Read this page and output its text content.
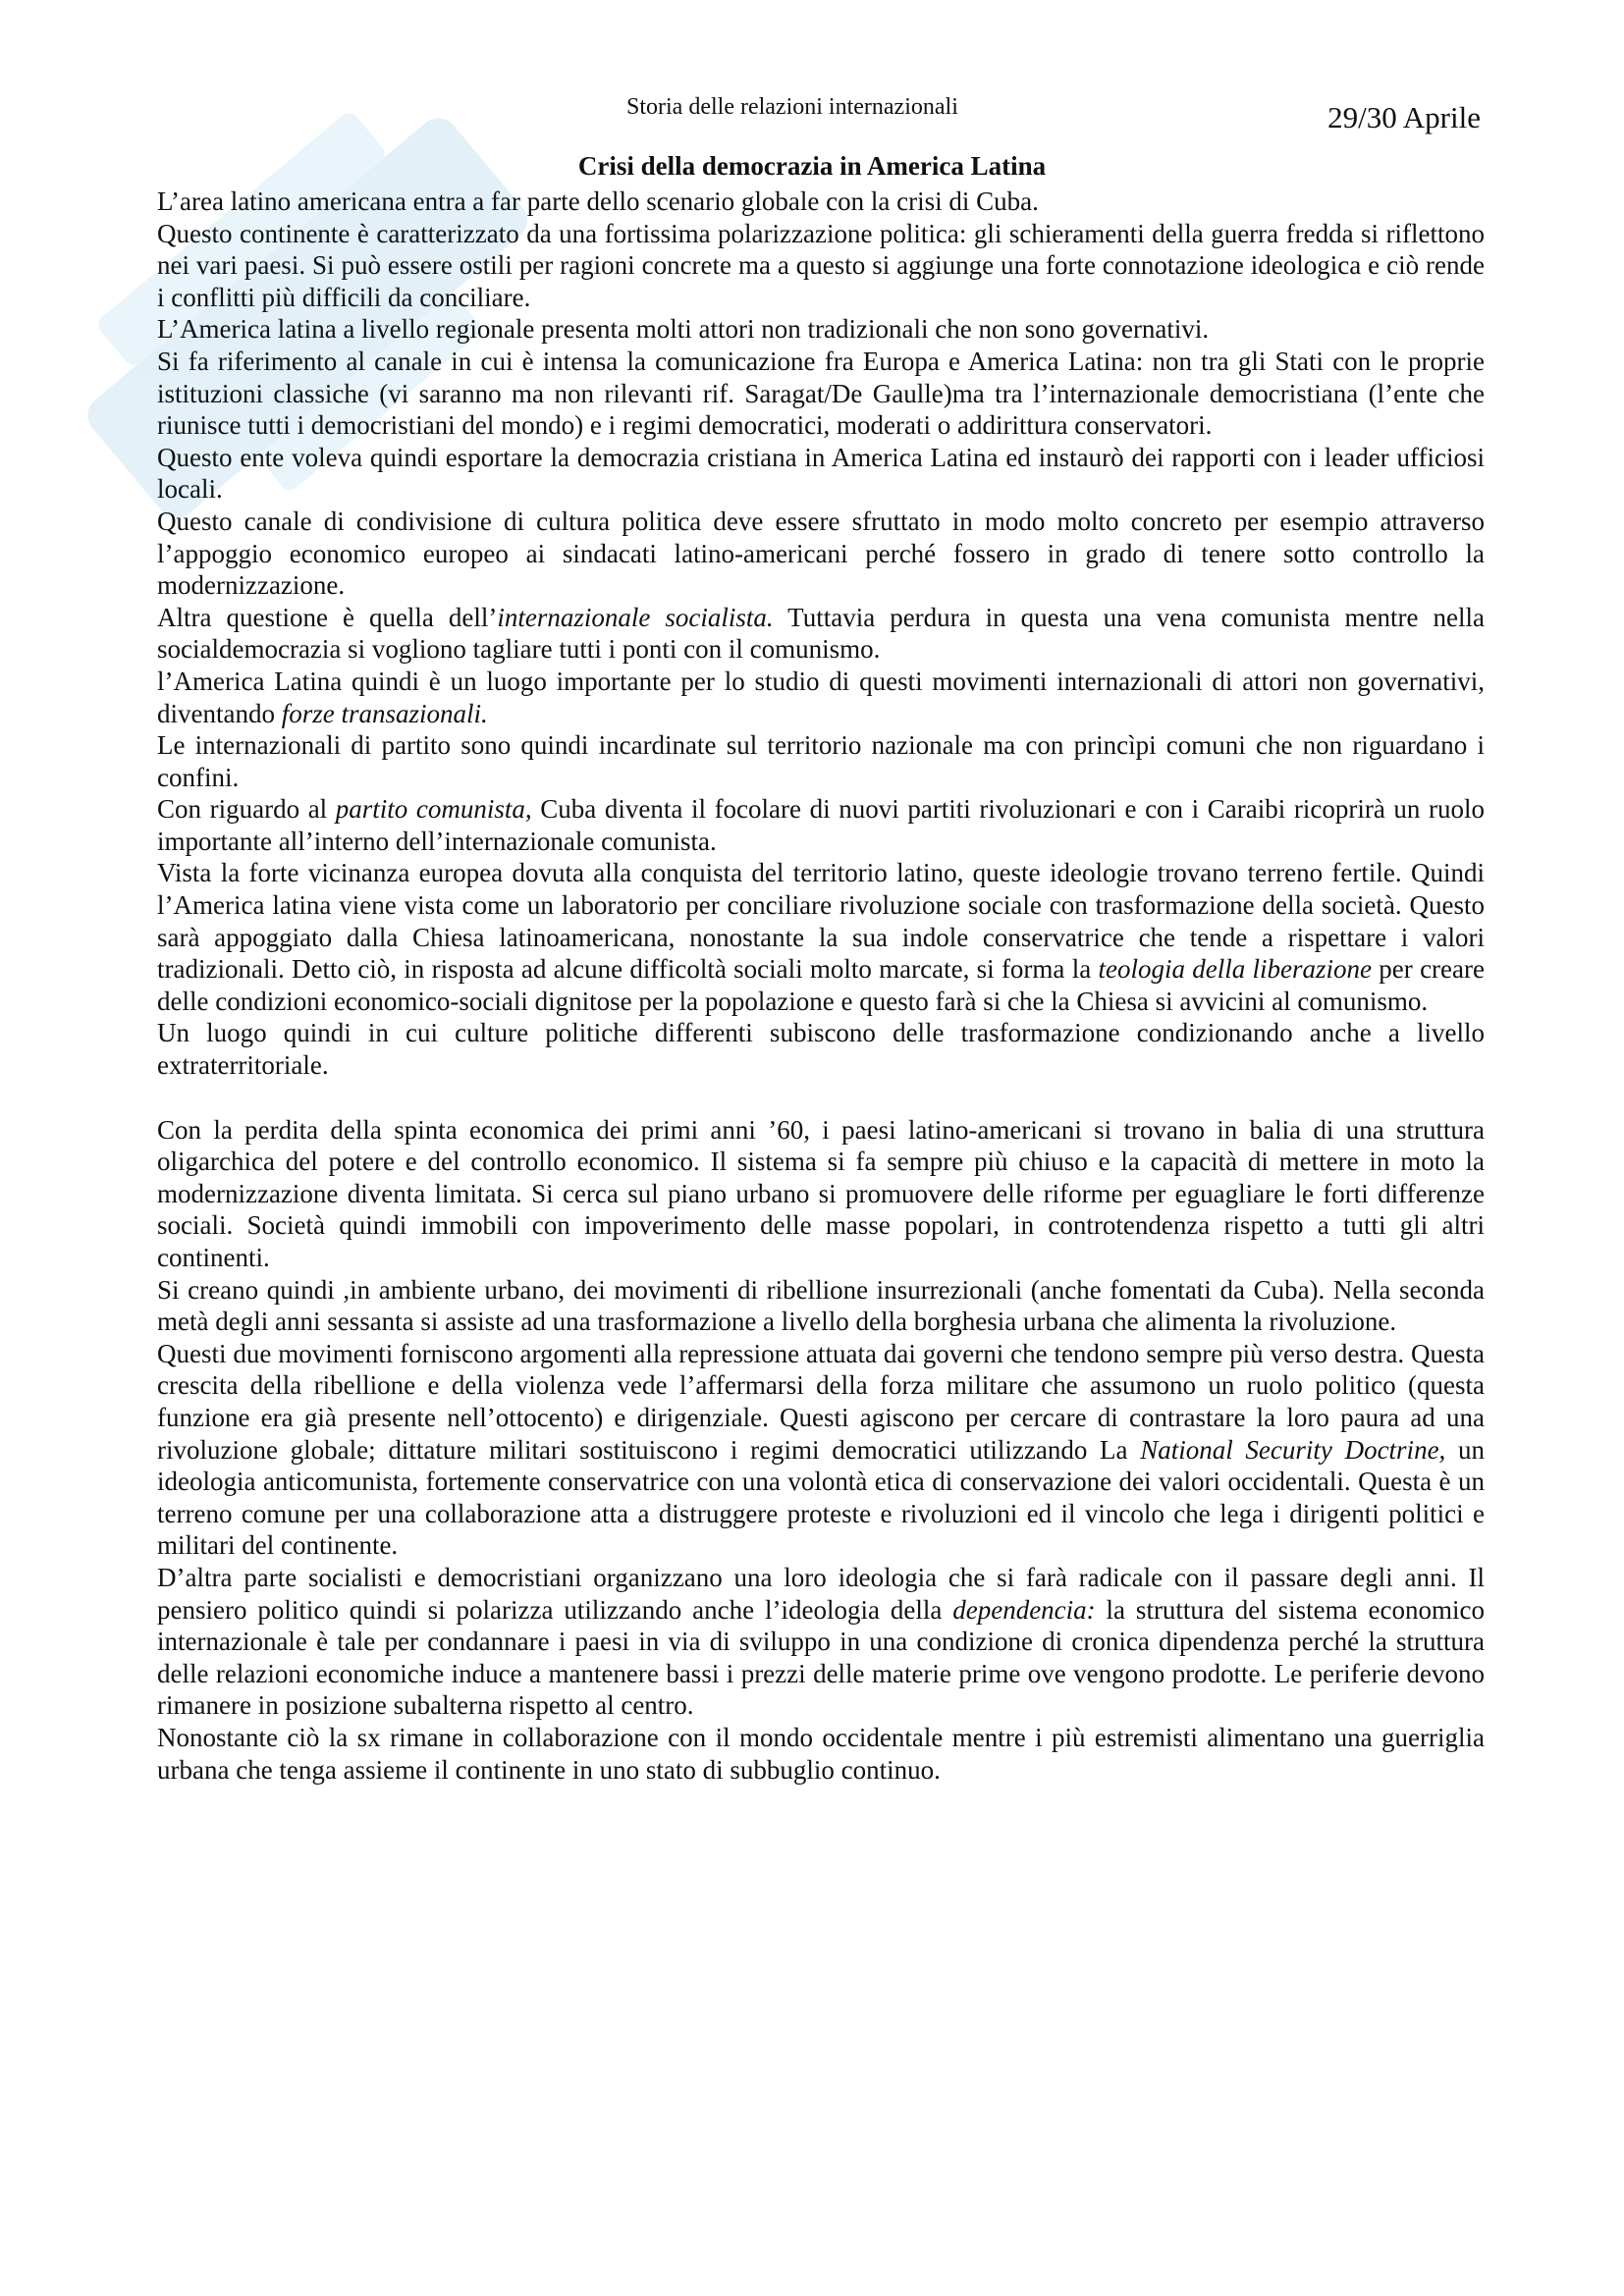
Storia delle relazioni internazionali	29/30 Aprile
Crisi della democrazia in America Latina

L’area latino americana entra a far parte dello scenario globale con la crisi di Cuba.

Questo continente è caratterizzato da una fortissima polarizzazione politica: gli schieramenti della guerra fredda si riflettono nei vari paesi. Si può essere ostili per ragioni concrete ma a questo si aggiunge una forte connotazione ideologica e ciò rende i conflitti più difficili da conciliare.

L’America latina a livello regionale presenta molti attori non tradizionali che non sono governativi.

Si fa riferimento al canale in cui è intensa la comunicazione fra Europa e America Latina: non tra gli Stati con le proprie istituzioni classiche (vi saranno ma non rilevanti rif. Saragat/De Gaulle)ma tra l’internazionale democristiana (l’ente che riunisce tutti i democristiani del mondo) e i regimi democratici, moderati o addirittura conservatori.

Questo ente voleva quindi esportare la democrazia cristiana in America Latina ed instaurò dei rapporti con i leader ufficiosi locali.

Questo canale di condivisione di cultura politica deve essere sfruttato in modo molto concreto per esempio attraverso l’appoggio economico europeo ai sindacati latino-americani perché fossero in grado di tenere sotto controllo la modernizzazione.

Altra questione è quella dell’internazionale socialista. Tuttavia perdura in questa una vena comunista mentre nella socialdemocrazia si vogliono tagliare tutti i ponti con il comunismo.

l’America Latina quindi è un luogo importante per lo studio di questi movimenti internazionali di attori non governativi, diventando forze transazionali.

Le internazionali di partito sono quindi incardinate sul territorio nazionale ma con princìpi comuni che non riguardano i confini.

Con riguardo al partito comunista, Cuba diventa il focolare di nuovi partiti rivoluzionari e con i Caraibi ricoprirà un ruolo importante all’interno dell’internazionale comunista.

Vista la forte vicinanza europea dovuta alla conquista del territorio latino, queste ideologie trovano terreno fertile. Quindi l’America latina viene vista come un laboratorio per conciliare rivoluzione sociale con trasformazione della società. Questo sarà appoggiato dalla Chiesa latinoamericana, nonostante la sua indole conservatrice che tende a rispettare i valori tradizionali. Detto ciò, in risposta ad alcune difficoltà sociali molto marcate, si forma la teologia della liberazione per creare delle condizioni economico-sociali dignitose per la popolazione e questo farà si che la Chiesa si avvicini al comunismo.

Un luogo quindi in cui culture politiche differenti subiscono delle trasformazione condizionando anche a livello extraterritoriale.

Con la perdita della spinta economica dei primi anni ’60, i paesi latino-americani si trovano in balia di una struttura oligarchica del potere e del controllo economico. Il sistema si fa sempre più chiuso e la capacità di mettere in moto la modernizzazione diventa limitata. Si cerca sul piano urbano si promuovere delle riforme per eguagliare le forti differenze sociali. Società quindi immobili con impoverimento delle masse popolari, in controtendenza rispetto a tutti gli altri continenti.

Si creano quindi ,in ambiente urbano, dei movimenti di ribellione insurrezionali (anche fomentati da Cuba). Nella seconda metà degli anni sessanta si assiste ad una trasformazione a livello della borghesia urbana che alimenta la rivoluzione.

Questi due movimenti forniscono argomenti alla repressione attuata dai governi che tendono sempre più verso destra. Questa crescita della ribellione e della violenza vede l’affermarsi della forza militare che assumono un ruolo politico (questa funzione era già presente nell’ottocento) e dirigenziale. Questi agiscono per cercare di contrastare la loro paura ad una rivoluzione globale; dittature militari sostituiscono i regimi democratici utilizzando La National Security Doctrine, un ideologia anticomunista, fortemente conservatrice con una volontà etica di conservazione dei valori occidentali. Questa è un terreno comune per una collaborazione atta a distruggere proteste e rivoluzioni ed il vincolo che lega i dirigenti politici e militari del continente.

D’altra parte socialisti e democristiani organizzano una loro ideologia che si farà radicale con il passare degli anni. Il pensiero politico quindi si polarizza utilizzando anche l’ideologia della dependencia: la struttura del sistema economico internazionale è tale per condannare i paesi in via di sviluppo in una condizione di cronica dipendenza perché la struttura delle relazioni economiche induce a mantenere bassi i prezzi delle materie prime ove vengono prodotte. Le periferie devono rimanere in posizione subalterna rispetto al centro.

Nonostante ciò la sx rimane in collaborazione con il mondo occidentale mentre i più estremisti alimentano una guerriglia urbana che tenga assieme il continente in uno stato di subbuglio continuo.
